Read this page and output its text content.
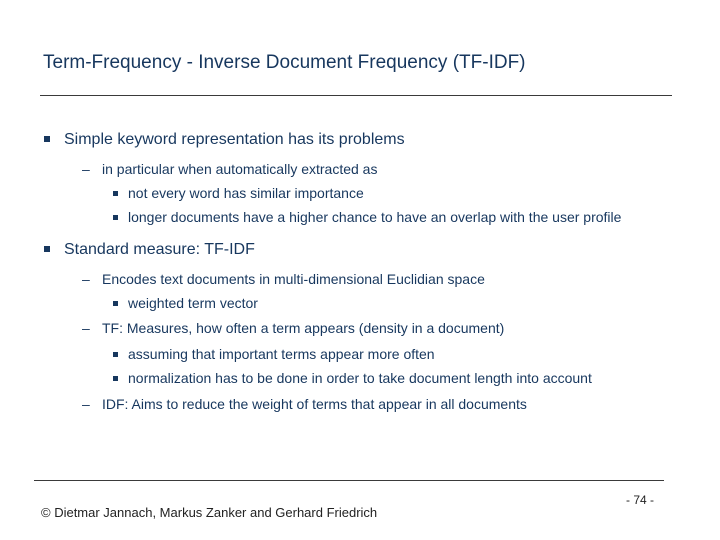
Term-Frequency - Inverse Document Frequency (TF-IDF)
Simple keyword representation has its problems
– in particular when automatically extracted as
not every word has similar importance
longer documents have a higher chance to have an overlap with the user profile
Standard measure: TF-IDF
– Encodes text documents in multi-dimensional Euclidian space
weighted term vector
– TF: Measures, how often a term appears (density in a document)
assuming that important terms appear more often
normalization has to be done in order to take document length into account
– IDF: Aims to reduce the weight of terms that appear in all documents
© Dietmar Jannach, Markus Zanker and Gerhard Friedrich
- 74 -
